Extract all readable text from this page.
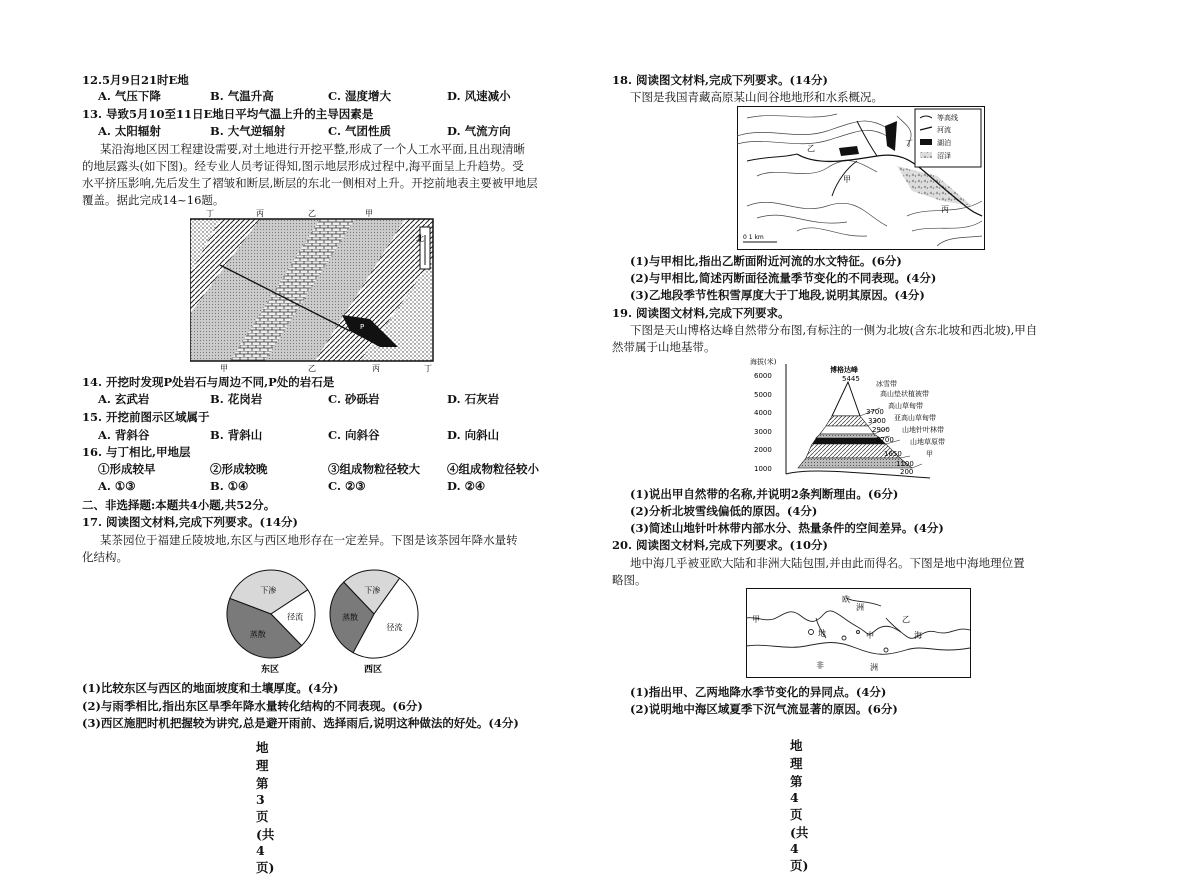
12.5月9日21时E地
A. 气压下降	B. 气温升高	C. 湿度增大	D. 风速减小
13. 导致5月10至11日E地日平均气温上升的主导因素是
A. 太阳辐射	B. 大气逆辐射	C. 气团性质	D. 气流方向
某沿海地区因工程建设需要,对土地进行开挖平整,形成了一个人工水平面,且出现清晰
的地层露头(如下图)。经专业人员考证得知,图示地层形成过程中,海平面呈上升趋势。受
水平挤压影响,先后发生了褶皱和断层,断层的东北一侧相对上升。开挖前地表主要被甲地层
覆盖。据此完成14~16题。
北
P
丁	丙	乙	甲
甲	乙	丙	丁
14. 开挖时发现P处岩石与周边不同,P处的岩石是
A. 玄武岩	B. 花岗岩	C. 砂砾岩	D. 石灰岩
15. 开挖前图示区域属于
A. 背斜谷	B. 背斜山	C. 向斜谷	D. 向斜山
16. 与丁相比,甲地层
①形成较早	②形成较晚	③组成物粒径较大 ④组成物粒径较小
A. ①③	B. ①④	C. ②③	D. ②④
二、非选择题:本题共4小题,共52分。
17. 阅读图文材料,完成下列要求。(14分)
某茶园位于福建丘陵坡地,东区与西区地形存在一定差异。下图是该茶园年降水量转
化结构。
下渗
径流
蒸散
东区
下渗
径流
蒸散
西区
(1)比较东区与西区的地面坡度和土壤厚度。(4分)
(2)与雨季相比,指出东区旱季年降水量转化结构的不同表现。(6分)
(3)西区施肥时机把握较为讲究,总是避开雨前、选择雨后,说明这种做法的好处。(4分)
地理 第3页(共4页)
18. 阅读图文材料,完成下列要求。(14分)
下图是我国青藏高原某山间谷地地形和水系概况。
等高线
河流
湖泊
沼泽
甲
乙
丙
丁
0 1 km
(1)与甲相比,指出乙断面附近河流的水文特征。(6分)
(2)与甲相比,简述丙断面径流量季节变化的不同表现。(4分)
(3)乙地段季节性积雪厚度大于丁地段,说明其原因。(4分)
19. 阅读图文材料,完成下列要求。
下图是天山博格达峰自然带分布图,有标注的一侧为北坡(含东北坡和西北坡),甲自
然带属于山地基带。
海拔(米)
6000
5000
4000
3000
2000
1000
博格达峰
5445
冰雪带
高山垫状植被带
高山草甸带
亚高山草甸带
山地针叶林带
山地草原带
甲
3700
3300
2900
2700
1650
1100
200
(1)说出甲自然带的名称,并说明2条判断理由。(6分)
(2)分析北坡雪线偏低的原因。(4分)
(3)简述山地针叶林带内部水分、热量条件的空间差异。(4分)
20. 阅读图文材料,完成下列要求。(10分)
地中海几乎被亚欧大陆和非洲大陆包围,并由此而得名。下图是地中海地理位置
略图。
欧
洲
甲	乙
地	中	海
非	洲
(1)指出甲、乙两地降水季节变化的异同点。(4分)
(2)说明地中海区域夏季下沉气流显著的原因。(6分)
地理 第4页(共4页)
